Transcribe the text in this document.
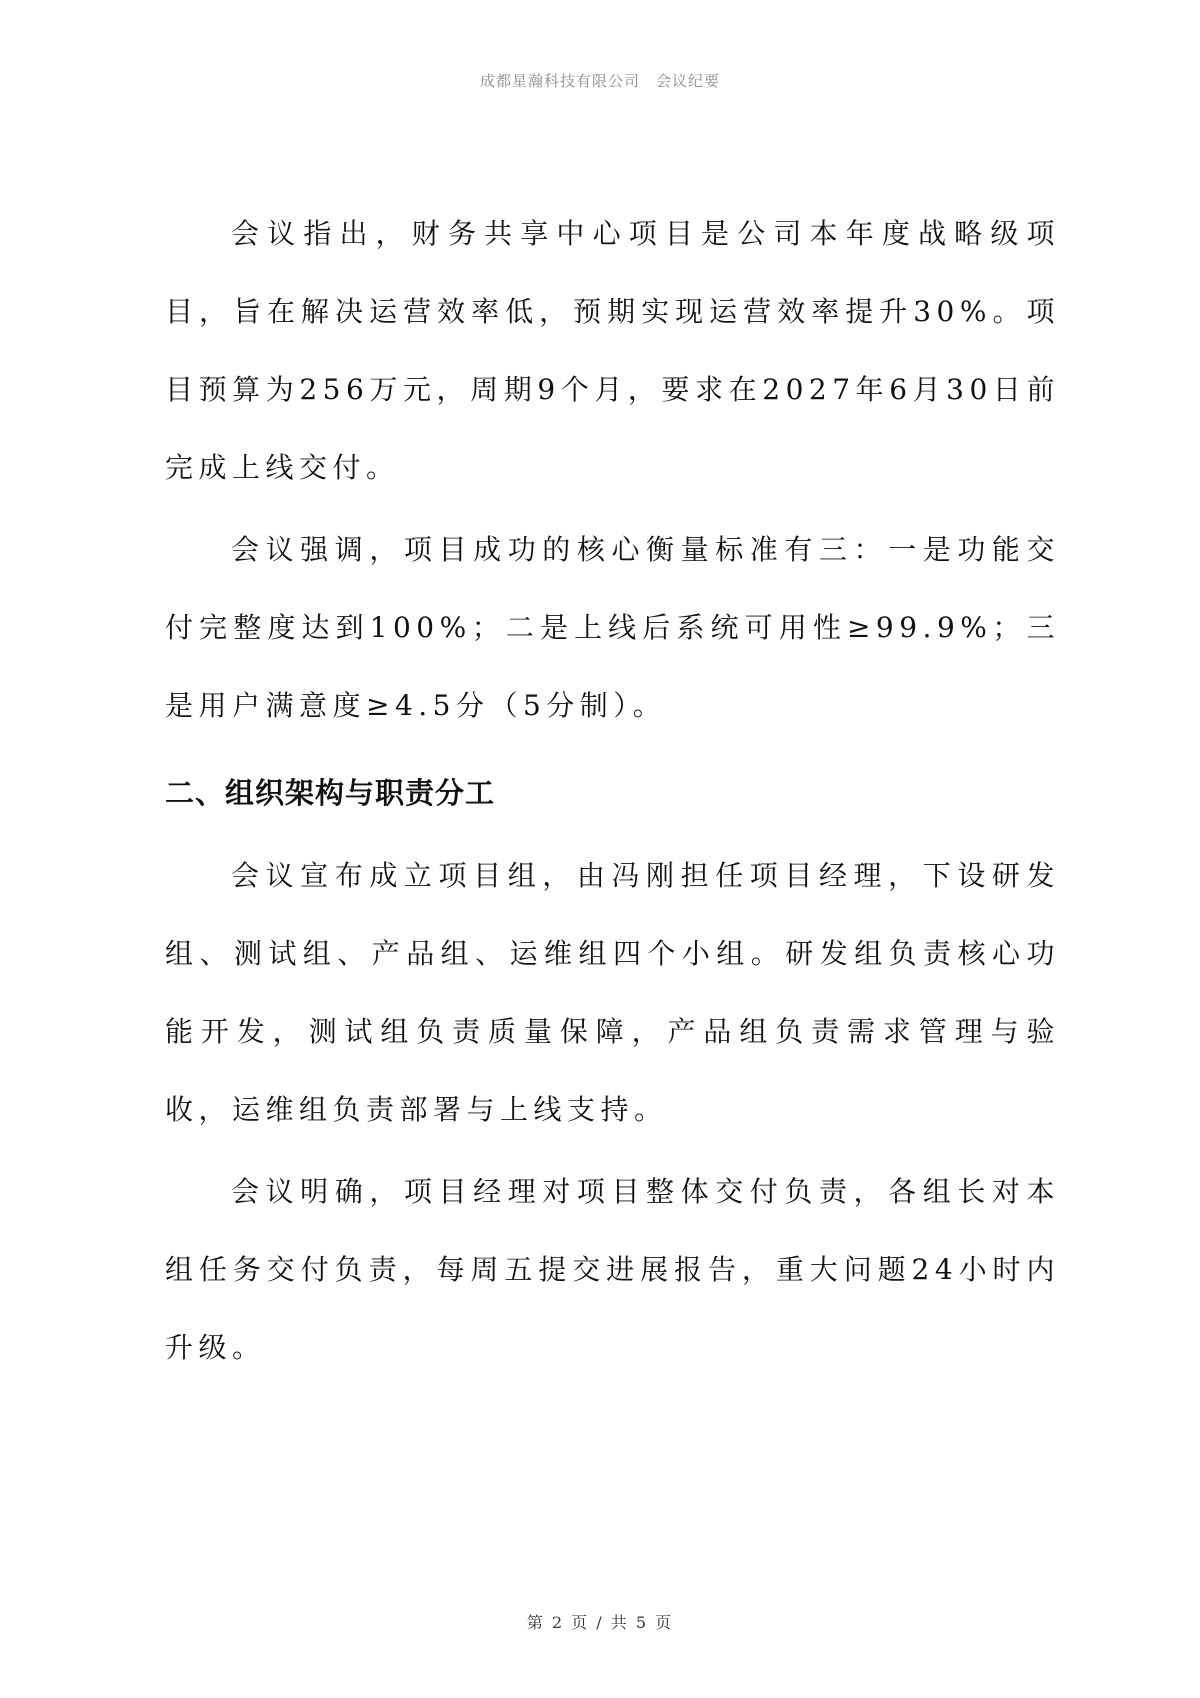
成都星瀚科技有限公司　会议纪要

会议指出，财务共享中心项目是公司本年度战略级项目，旨在解决运营效率低，预期实现运营效率提升30%。项目预算为256万元，周期9个月，要求在2027年6月30日前完成上线交付。

会议强调，项目成功的核心衡量标准有三：一是功能交付完整度达到100%；二是上线后系统可用性≥99.9%；三是用户满意度≥4.5分（5分制）。

二、组织架构与职责分工

会议宣布成立项目组，由冯刚担任项目经理，下设研发组、测试组、产品组、运维组四个小组。研发组负责核心功能开发，测试组负责质量保障，产品组负责需求管理与验收，运维组负责部署与上线支持。

会议明确，项目经理对项目整体交付负责，各组长对本组任务交付负责，每周五提交进展报告，重大问题24小时内升级。

第 2 页 / 共 5 页
